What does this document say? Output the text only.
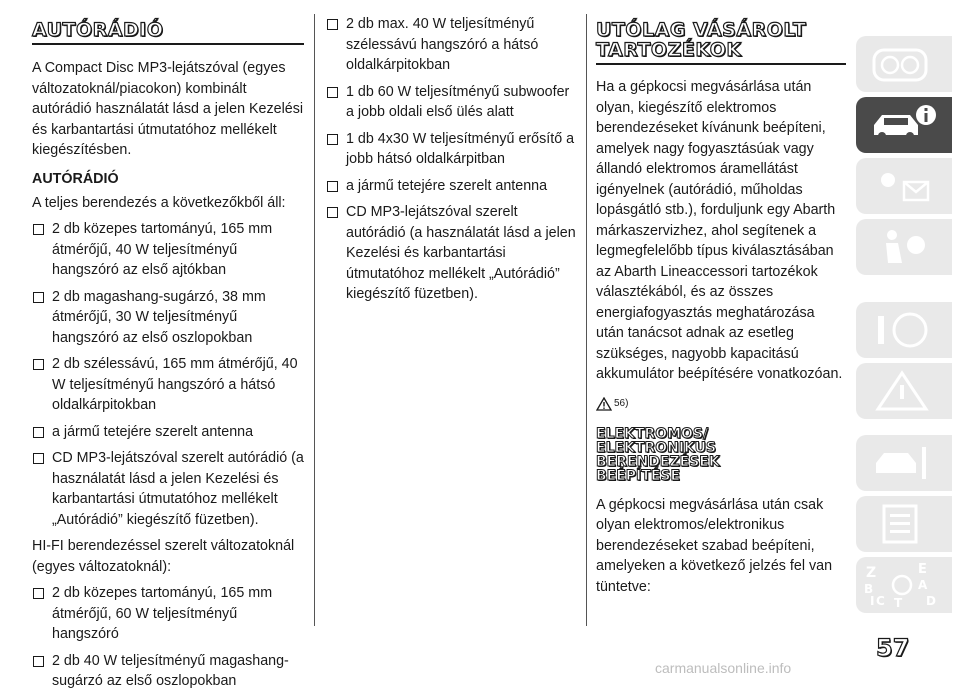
AUTÓRÁDIÓ

A Compact Disc MP3-lejátszóval (egyes változatoknál/piacokon) kombinált autórádió használatát lásd a jelen Kezelési és karbantartási útmutatóhoz mellékelt kiegészítésben.

AUTÓRÁDIÓ

A teljes berendezés a következőkből áll:

2 db közepes tartományú, 165 mm átmérőjű, 40 W teljesítményű hangszóró az első ajtókban
2 db magashang-sugárzó, 38 mm átmérőjű, 30 W teljesítményű hangszóró az első oszlopokban
2 db szélessávú, 165 mm átmérőjű, 40 W teljesítményű hangszóró a hátsó oldalkárpitokban
a jármű tetejére szerelt antenna
CD MP3-lejátszóval szerelt autórádió (a használatát lásd a jelen Kezelési és karbantartási útmutatóhoz mellékelt „Autórádió” kiegészítő füzetben).

HI-FI berendezéssel szerelt változatoknál (egyes változatoknál):

2 db közepes tartományú, 165 mm átmérőjű, 60 W teljesítményű hangszóró
2 db 40 W teljesítményű magashang-sugárzó az első oszlopokban
2 db max. 40 W teljesítményű szélessávú hangszóró a hátsó oldalkárpitokban
1 db 60 W teljesítményű subwoofer a jobb oldali első ülés alatt
1 db 4x30 W teljesítményű erősítő a jobb hátsó oldalkárpitban
a jármű tetejére szerelt antenna
CD MP3-lejátszóval szerelt autórádió (a használatát lásd a jelen Kezelési és karbantartási útmutatóhoz mellékelt „Autórádió” kiegészítő füzetben).
UTÓLAG VÁSÁROLT
TARTOZÉKOK

Ha a gépkocsi megvásárlása után olyan, kiegészítő elektromos berendezéseket kívánunk beépíteni, amelyek nagy fogyasztásúak vagy állandó elektromos áramellátást igényelnek (autórádió, műholdas lopásgátló stb.), forduljunk egy Abarth márkaszervizhez, ahol segítenek a legmegfelelőbb típus kiválasztásában az Abarth Lineaccessori tartozékok választékából, és az összes energiafogyasztás meghatározása után tanácsot adnak az esetleg szükséges, nagyobb kapacitású akkumulátor beépítésére vonatkozóan.

56)
ELEKTROMOS/
ELEKTRONIKUS
BERENDEZÉSEK
BEÉPÍTÉSE

A gépkocsi megvásárlása után csak olyan elektromos/elektronikus berendezéseket szabad beépíteni, amelyeken a következő jelzés fel van tüntetve:

Z	E
B	A
C	D
I T
57
carmanualsonline.info
